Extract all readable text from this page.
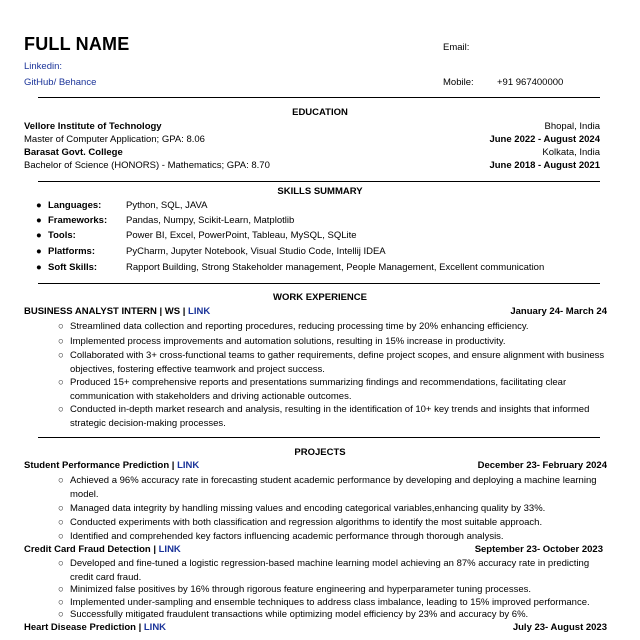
FULL NAME	Email:
Linkedin:
GitHub/ Behance	Mobile: +91 967400000
EDUCATION
Vellore Institute of Technology	Bhopal, India
Master of Computer Application; GPA: 8.06	June 2022 - August 2024
Barasat Govt. College	Kolkata, India
Bachelor of Science (HONORS) - Mathematics; GPA: 8.70	June 2018 - August 2021
SKILLS SUMMARY
● Languages:	Python, SQL, JAVA
● Frameworks: Pandas, Numpy, Scikit-Learn, Matplotlib
● Tools:	Power BI, Excel, PowerPoint, Tableau, MySQL, SQLite
● Platforms:	PyCharm, Jupyter Notebook, Visual Studio Code, Intellij IDEA
● Soft Skills:	Rapport Building, Strong Stakeholder management, People Management, Excellent communication
WORK EXPERIENCE
BUSINESS ANALYST INTERN | WS | LINK	January 24- March 24
○ Streamlined data collection and reporting procedures, reducing processing time by 20% enhancing efficiency.
○ Implemented process improvements and automation solutions, resulting in 15% increase in productivity.
○ Collaborated with 3+ cross-functional teams to gather requirements, define project scopes, and ensure alignment with business objectives, fostering effective teamwork and project success.
○ Produced 15+ comprehensive reports and presentations summarizing findings and recommendations, facilitating clear communication with stakeholders and driving actionable outcomes.
○ Conducted in-depth market research and analysis, resulting in the identification of 10+ key trends and insights that informed strategic decision-making processes.
PROJECTS
Student Performance Prediction | LINK	December 23- February 2024
○ Achieved a 96% accuracy rate in forecasting student academic performance by developing and deploying a machine learning model.
○ Managed data integrity by handling missing values and encoding categorical variables,enhancing quality by 33%.
○ Conducted experiments with both classification and regression algorithms to identify the most suitable approach.
○ Identified and comprehended key factors influencing academic performance through thorough analysis.
Credit Card Fraud Detection | LINK	September 23- October 2023
○ Developed and fine-tuned a logistic regression-based machine learning model achieving an 87% accuracy rate in predicting credit card fraud.
○ Minimized false positives by 16% through rigorous feature engineering and hyperparameter tuning processes.
○ Implemented under-sampling and ensemble techniques to address class imbalance, leading to 15% improved performance.
○ Successfully mitigated fraudulent transactions while optimizing model efficiency by 23% and accuracy by 6%.
Heart Disease Prediction | LINK	July 23- August 2023
